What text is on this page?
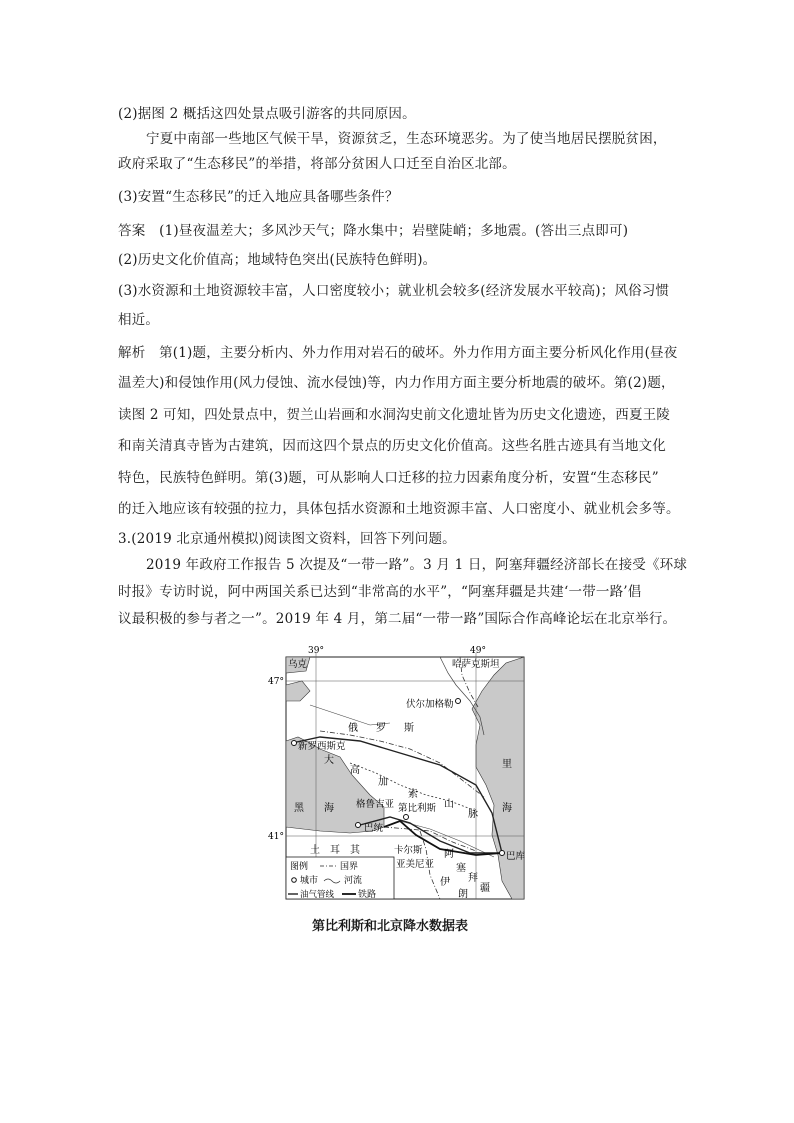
(2)据图 2 概括这四处景点吸引游客的共同原因。
宁夏中南部一些地区气候干旱，资源贫乏，生态环境恶劣。为了使当地居民摆脱贫困，
政府采取了“生态移民”的举措，将部分贫困人口迁至自治区北部。
(3)安置“生态移民”的迁入地应具备哪些条件？
答案　(1)昼夜温差大；多风沙天气；降水集中；岩壁陡峭；多地震。(答出三点即可)
(2)历史文化价值高；地域特色突出(民族特色鲜明)。
(3)水资源和土地资源较丰富，人口密度较小；就业机会较多(经济发展水平较高)；风俗习惯
相近。
解析　第(1)题，主要分析内、外力作用对岩石的破坏。外力作用方面主要分析风化作用(昼夜
温差大)和侵蚀作用(风力侵蚀、流水侵蚀)等，内力作用方面主要分析地震的破坏。第(2)题，
读图 2 可知，四处景点中，贺兰山岩画和水洞沟史前文化遗址皆为历史文化遗迹，西夏王陵
和南关清真寺皆为古建筑，因而这四个景点的历史文化价值高。这些名胜古迹具有当地文化
特色，民族特色鲜明。第(3)题，可从影响人口迁移的拉力因素角度分析，安置“生态移民”
的迁入地应该有较强的拉力，具体包括水资源和土地资源丰富、人口密度小、就业机会多等。
3.(2019 北京通州模拟)阅读图文资料，回答下列问题。
2019 年政府工作报告 5 次提及“一带一路”。3 月 1 日，阿塞拜疆经济部长在接受《环球
时报》专访时说，阿中两国关系已达到“非常高的水平”，“阿塞拜疆是共建‘一带一路’倡
议最积极的参与者之一”。2019 年 4 月，第二届“一带一路”国际合作高峰论坛在北京举行。
39°	49°
47°
41°
乌克	哈萨克斯坦
伏尔加格勒
俄 罗 斯
新罗西斯克
大
高
加
索
山
脉
黑 海
里
海
格鲁吉亚 第比利斯
巴统
土　耳　其	卡尔斯
亚美尼亚
阿
塞
拜
疆
巴库
伊
朗
图例	国界
城市	河流
油气管线	铁路
第比利斯和北京降水数据表
